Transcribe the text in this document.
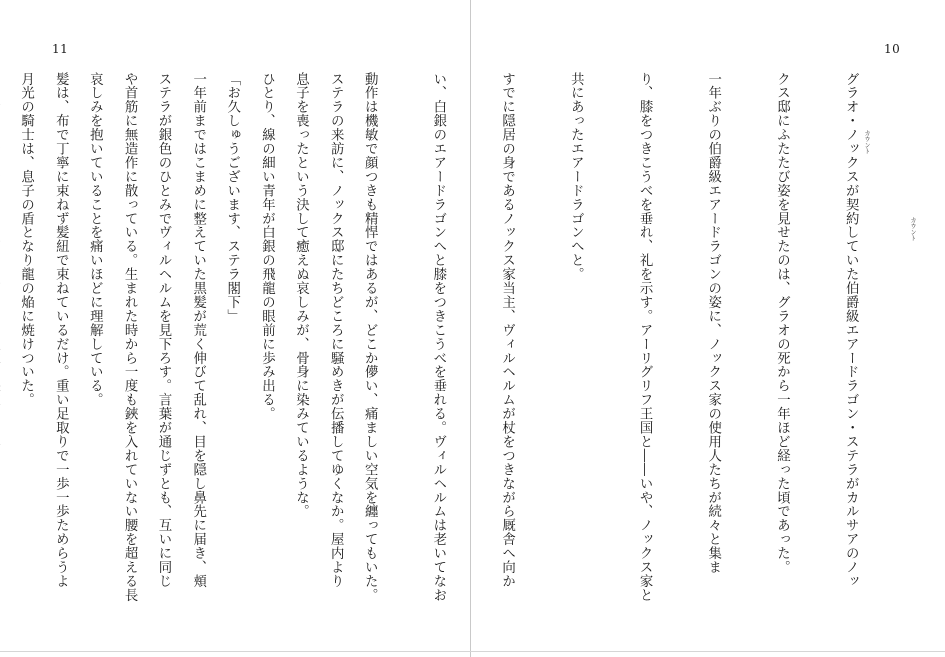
11

ステラの来訪に、ノックス邸にたちどころに騒めきが伝播してゆくなか。屋内より

ひとり、線の細い青年が白銀の飛龍の眼前に歩み出る。

一年前まではこまめに整えていた黒髪が荒く伸びて乱れ、目を隠し鼻先に届き、頬

や首筋に無造作に散っている。生まれた時から一度も鋏を入れていない腰を超える長

髪は、布で丁寧に束ねず髪紐で束ねているだけ。重い足取りで一歩一歩ためらうよ

10

グラオ・ノックスが契約していた伯爵級エアードラゴン・ステラがカルサアのノッ

クス邸にふたたび姿を見せたのは、グラオの死から一年ほど経った頃であった。

一年ぶりの伯爵級エアードラゴンの姿に、ノックス家の使用人たちが続々と集ま

り、膝をつきこうべを垂れ、礼を示す。アーリグリフ王国と――いや、ノックス家と

共にあったエアードラゴンへと。

すでに隠居の身であるノックス家当主、ヴィルヘルムが杖をつきながら厩舎へ向か

い、白銀のエアードラゴンへと膝をつきこうべを垂れる。ヴィルヘルムは老いてなお

動作は機敏で顔つきも精悍ではあるが、どこか儚い、痛ましい空気を纏ってもいた。

息子を喪ったという決して癒えぬ哀しみが、骨身に染みているような。

「お久しゅうございます、ステラ閣下」

ステラが銀色のひとみでヴィルヘルムを見下ろす。言葉が通じずとも、互いに同じ

哀しみを抱いていることを痛いほどに理解している。

月光の騎士は、息子の盾となり龍の焔に焼けついた。

	カウント
カウント
